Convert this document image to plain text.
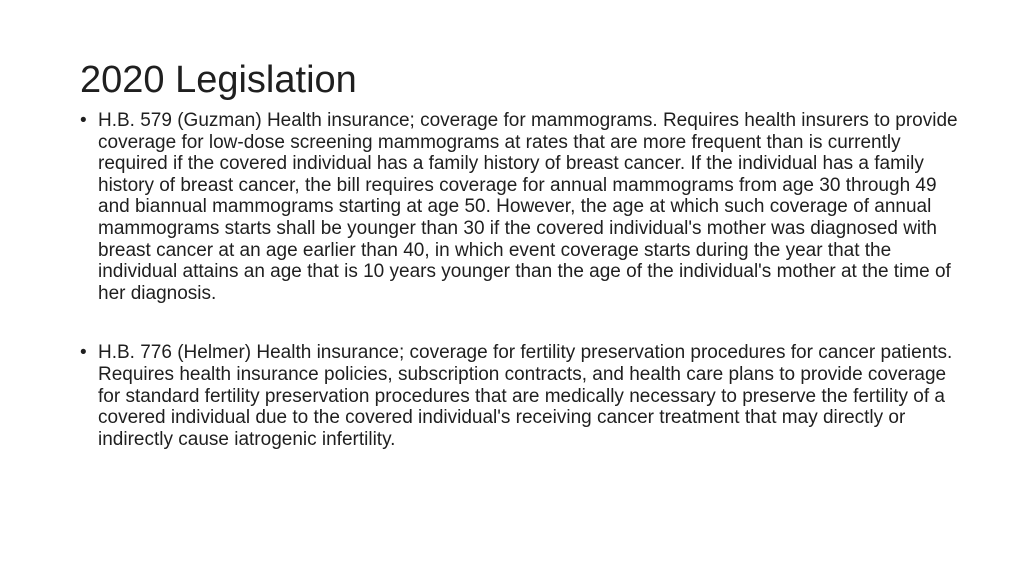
2020 Legislation
• H.B. 579 (Guzman) Health insurance; coverage for mammograms. Requires health insurers to provide coverage for low-dose screening mammograms at rates that are more frequent than is currently required if the covered individual has a family history of breast cancer. If the individual has a family history of breast cancer, the bill requires coverage for annual mammograms from age 30 through 49 and biannual mammograms starting at age 50. However, the age at which such coverage of annual mammograms starts shall be younger than 30 if the covered individual's mother was diagnosed with breast cancer at an age earlier than 40, in which event coverage starts during the year that the individual attains an age that is 10 years younger than the age of the individual's mother at the time of her diagnosis.
• H.B. 776 (Helmer) Health insurance; coverage for fertility preservation procedures for cancer patients. Requires health insurance policies, subscription contracts, and health care plans to provide coverage for standard fertility preservation procedures that are medically necessary to preserve the fertility of a covered individual due to the covered individual's receiving cancer treatment that may directly or indirectly cause iatrogenic infertility.
